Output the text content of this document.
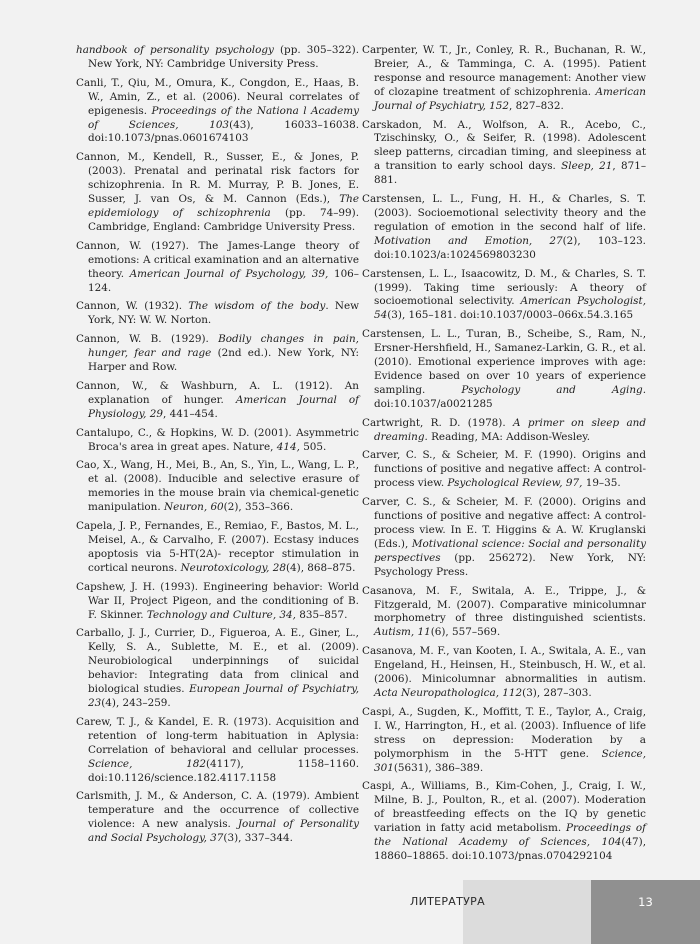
handbook of personality psychology (pp. 305–322). New York, NY: Cambridge University Press.

Canli, T., Qiu, M., Omura, K., Congdon, E., Haas, B. W., Amin, Z., et al. (2006). Neural correlates of epigenesis. Proceedings of the Nationa l Academy of Sciences, 103(43), 16033–16038. doi:10.1073/pnas.0601674103

Cannon, M., Kendell, R., Susser, E., & Jones, P. (2003). Prenatal and perinatal risk factors for schizophrenia. In R. M. Murray, P. B. Jones, E. Susser, J. van Os, & M. Cannon (Eds.), The epidemiology of schizophrenia (pp. 74–99). Cambridge, England: Cambridge University Press.

Cannon, W. (1927). The James-Lange theory of emotions: A critical examination and an alternative theory. American Journal of Psychology, 39, 106–124.

Cannon, W. (1932). The wisdom of the body. New York, NY: W. W. Norton.

Cannon, W. B. (1929). Bodily changes in pain, hunger, fear and rage (2nd ed.). New York, NY: Harper and Row.

Cannon, W., & Washburn, A. L. (1912). An explanation of hunger. American Journal of Physiology, 29, 441–454.

Cantalupo, C., & Hopkins, W. D. (2001). Asymmetric Broca's area in great apes. Nature, 414, 505.

Cao, X., Wang, H., Mei, B., An, S., Yin, L., Wang, L. P., et al. (2008). Inducible and selective erasure of memories in the mouse brain via chemical-genetic manipulation. Neuron, 60(2), 353–366.

Capela, J. P., Fernandes, E., Remiao, F., Bastos, M. L., Meisel, A., & Carvalho, F. (2007). Ecstasy induces apoptosis via 5-HT(2A)- receptor stimulation in cortical neurons. Neurotoxicology, 28(4), 868–875.

Capshew, J. H. (1993). Engineering behavior: World War II, Project Pigeon, and the conditioning of B. F. Skinner. Technology and Culture, 34, 835–857.

Carballo, J. J., Currier, D., Figueroa, A. E., Giner, L., Kelly, S. A., Sublette, M. E., et al. (2009). Neurobiological underpinnings of suicidal behavior: Integrating data from clinical and biological studies. European Journal of Psychiatry, 23(4), 243–259.

Carew, T. J., & Kandel, E. R. (1973). Acquisition and retention of long-term habituation in Aplysia: Correlation of behavioral and cellular processes. Science, 182(4117), 1158–1160. doi:10.1126/science.182.4117.1158

Carlsmith, J. M., & Anderson, C. A. (1979). Ambient temperature and the occurrence of collective violence: A new analysis. Journal of Personality and Social Psychology, 37(3), 337–344.

Carpenter, W. T., Jr., Conley, R. R., Buchanan, R. W., Breier, A., & Tamminga, C. A. (1995). Patient response and resource management: Another view of clozapine treatment of schizophrenia. American Journal of Psychiatry, 152, 827–832.

Carskadon, M. A., Wolfson, A. R., Acebo, C., Tzischinsky, O., & Seifer, R. (1998). Adolescent sleep patterns, circadian timing, and sleepiness at a transition to early school days. Sleep, 21, 871–881.

Carstensen, L. L., Fung, H. H., & Charles, S. T. (2003). Socioemotional selectivity theory and the regulation of emotion in the second half of life. Motivation and Emotion, 27(2), 103–123. doi:10.1023/a:1024569803230

Carstensen, L. L., Isaacowitz, D. M., & Charles, S. T. (1999). Taking time seriously: A theory of socioemotional selectivity. American Psychologist, 54(3), 165–181. doi:10.1037/0003–066x.54.3.165

Carstensen, L. L., Turan, B., Scheibe, S., Ram, N., Ersner-Hershfield, H., Samanez-Larkin, G. R., et al. (2010). Emotional experience improves with age: Evidence based on over 10 years of experience sampling. Psychology and Aging. doi:10.1037/a0021285

Cartwright, R. D. (1978). A primer on sleep and dreaming. Reading, MA: Addison-Wesley.

Carver, C. S., & Scheier, M. F. (1990). Origins and functions of positive and negative affect: A control-process view. Psychological Review, 97, 19–35.

Carver, C. S., & Scheier, M. F. (2000). Origins and functions of positive and negative affect: A control-process view. In E. T. Higgins & A. W. Kruglanski (Eds.), Motivational science: Social and personality perspectives (pp. 256272). New York, NY: Psychology Press.

Casanova, M. F., Switala, A. E., Trippe, J., & Fitzgerald, M. (2007). Comparative minicolumnar morphometry of three distinguished scientists. Autism, 11(6), 557–569.

Casanova, M. F., van Kooten, I. A., Switala, A. E., van Engeland, H., Heinsen, H., Steinbusch, H. W., et al. (2006). Minicolumnar abnormalities in autism. Acta Neuropathologica, 112(3), 287–303.

Caspi, A., Sugden, K., Moffitt, T. E., Taylor, A., Craig, I. W., Harrington, H., et al. (2003). Influence of life stress on depression: Moderation by a polymorphism in the 5-HTT gene. Science, 301(5631), 386–389.

Caspi, A., Williams, B., Kim-Cohen, J., Craig, I. W., Milne, B. J., Poulton, R., et al. (2007). Moderation of breastfeeding effects on the IQ by genetic variation in fatty acid metabolism. Proceedings of the National Academy of Sciences, 104(47), 18860–18865. doi:10.1073/pnas.0704292104

ЛИТЕРАТУРА	13
